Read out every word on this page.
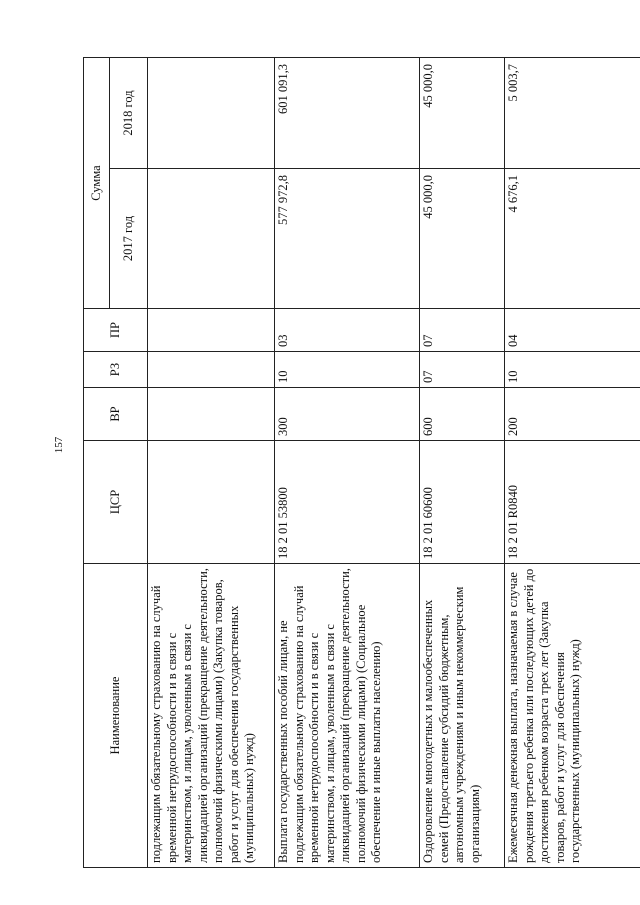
157
Наименование	ЦСР	ВР	РЗ	ПР	Сумма	
					2017 год	2018 год
подлежащим обязательному страхованию на случай временной нетрудоспособности и в связи с материнством, и лицам, уволенным в связи с ликвидацией организаций (прекращение деятельности, полномочий физическими лицами) (Закупка товаров, работ и услуг для обеспечения государственных (муниципальных) нужд)						
Выплата государственных пособий лицам, не подлежащим обязательному страхованию на случай временной нетрудоспособности и в связи с материнством, и лицам, уволенным в связи с ликвидацией организаций (прекращение деятельности, полномочий физическими лицами) (Социальное обеспечение и иные выплаты населению)	18 2 01 53800	300	10	03	577 972,8	601 091,3
Оздоровление многодетных и малообеспеченных семей (Предоставление субсидий бюджетным, автономным учреждениям и иным некоммерческим организациям)	18 2 01 60600	600	07	07	45 000,0	45 000,0
Ежемесячная денежная выплата, назначаемая в случае рождения третьего ребенка или последующих детей до достижения ребенком возраста трех лет (Закупка товаров, работ и услуг для обеспечения государственных (муниципальных) нужд)	18 2 01 R0840	200	10	04	4 676,1	5 003,7
